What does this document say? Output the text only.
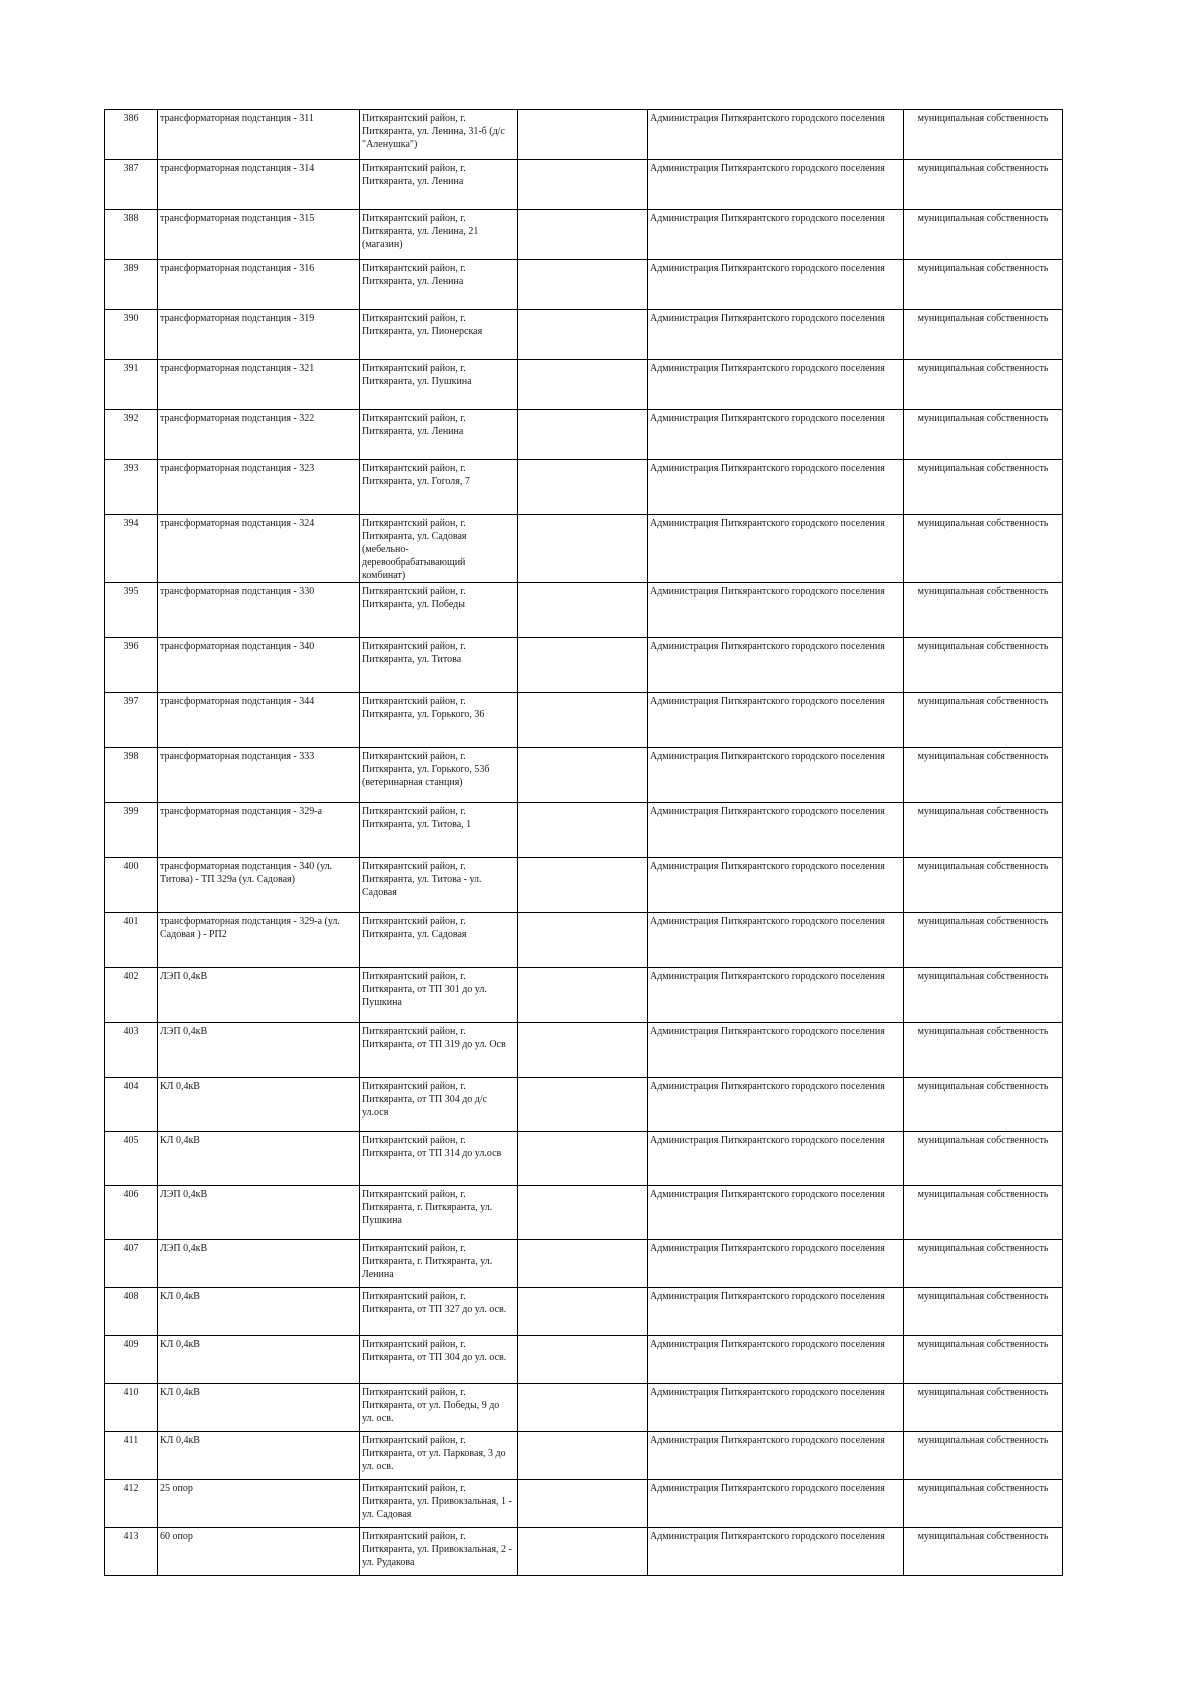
386	трансформаторная подстанция - 311	Питкярантский район, г.
Питкяранта, ул. Ленина, 31-б (д/с
"Аленушка")		Администрация Питкярантского городского поселения	муниципальная собственность
387	трансформаторная подстанция - 314	Питкярантский район, г.
Питкяранта, ул. Ленина		Администрация Питкярантского городского поселения	муниципальная собственность
388	трансформаторная подстанция - 315	Питкярантский район, г.
Питкяранта, ул. Ленина, 21
(магазин)		Администрация Питкярантского городского поселения	муниципальная собственность
389	трансформаторная подстанция - 316	Питкярантский район, г.
Питкяранта, ул. Ленина		Администрация Питкярантского городского поселения	муниципальная собственность
390	трансформаторная подстанция - 319	Питкярантский район, г.
Питкяранта, ул. Пионерская		Администрация Питкярантского городского поселения	муниципальная собственность
391	трансформаторная подстанция - 321	Питкярантский район, г.
Питкяранта, ул. Пушкина		Администрация Питкярантского городского поселения	муниципальная собственность
392	трансформаторная подстанция - 322	Питкярантский район, г.
Питкяранта, ул. Ленина		Администрация Питкярантского городского поселения	муниципальная собственность
393	трансформаторная подстанция - 323	Питкярантский район, г.
Питкяранта, ул. Гоголя, 7		Администрация Питкярантского городского поселения	муниципальная собственность
394	трансформаторная подстанция - 324	Питкярантский район, г.
Питкяранта, ул. Садовая
(мебельно-
деревообрабатывающий
комбинат)		Администрация Питкярантского городского поселения	муниципальная собственность
395	трансформаторная подстанция - 330	Питкярантский район, г.
Питкяранта, ул. Победы		Администрация Питкярантского городского поселения	муниципальная собственность
396	трансформаторная подстанция - 340	Питкярантский район, г.
Питкяранта, ул. Титова		Администрация Питкярантского городского поселения	муниципальная собственность
397	трансформаторная подстанция - 344	Питкярантский район, г.
Питкяранта, ул. Горького, 36		Администрация Питкярантского городского поселения	муниципальная собственность
398	трансформаторная подстанция - 333	Питкярантский район, г.
Питкяранта, ул. Горького, 53б
(ветеринарная станция)		Администрация Питкярантского городского поселения	муниципальная собственность
399	трансформаторная подстанция - 329-а	Питкярантский район, г.
Питкяранта, ул. Титова, 1		Администрация Питкярантского городского поселения	муниципальная собственность
400	трансформаторная подстанция - 340 (ул.
Титова) - ТП 329а (ул. Садовая)	Питкярантский район, г.
Питкяранта, ул. Титова - ул.
Садовая		Администрация Питкярантского городского поселения	муниципальная собственность
401	трансформаторная подстанция - 329-а (ул.
Садовая ) - РП2	Питкярантский район, г.
Питкяранта, ул. Садовая		Администрация Питкярантского городского поселения	муниципальная собственность
402	ЛЭП 0,4кВ	Питкярантский район, г.
Питкяранта, от ТП 301 до ул.
Пушкина		Администрация Питкярантского городского поселения	муниципальная собственность
403	ЛЭП 0,4кВ	Питкярантский район, г.
Питкяранта, от ТП 319 до ул. Осв		Администрация Питкярантского городского поселения	муниципальная собственность
404	КЛ 0,4кВ	Питкярантский район, г.
Питкяранта, от ТП 304 до д/с
ул.осв		Администрация Питкярантского городского поселения	муниципальная собственность
405	КЛ 0,4кВ	Питкярантский район, г.
Питкяранта, от ТП 314 до ул.осв		Администрация Питкярантского городского поселения	муниципальная собственность
406	ЛЭП 0,4кВ	Питкярантский район, г.
Питкяранта, г. Питкяранта, ул.
Пушкина		Администрация Питкярантского городского поселения	муниципальная собственность
407	ЛЭП 0,4кВ	Питкярантский район, г.
Питкяранта, г. Питкяранта, ул.
Ленина		Администрация Питкярантского городского поселения	муниципальная собственность
408	КЛ 0,4кВ	Питкярантский район, г.
Питкяранта, от ТП 327 до ул. осв.		Администрация Питкярантского городского поселения	муниципальная собственность
409	КЛ 0,4кВ	Питкярантский район, г.
Питкяранта, от ТП 304 до ул. осв.		Администрация Питкярантского городского поселения	муниципальная собственность
410	КЛ 0,4кВ	Питкярантский район, г.
Питкяранта, от ул. Победы, 9 до
ул. осв.		Администрация Питкярантского городского поселения	муниципальная собственность
411	КЛ 0,4кВ	Питкярантский район, г.
Питкяранта, от ул. Парковая, 3 до
ул. осв.		Администрация Питкярантского городского поселения	муниципальная собственность
412	25 опор	Питкярантский район, г.
Питкяранта, ул. Привокзальная, 1 -
ул. Садовая		Администрация Питкярантского городского поселения	муниципальная собственность
413	60 опор	Питкярантский район, г.
Питкяранта, ул. Привокзальная, 2 -
ул. Рудакова		Администрация Питкярантского городского поселения	муниципальная собственность
